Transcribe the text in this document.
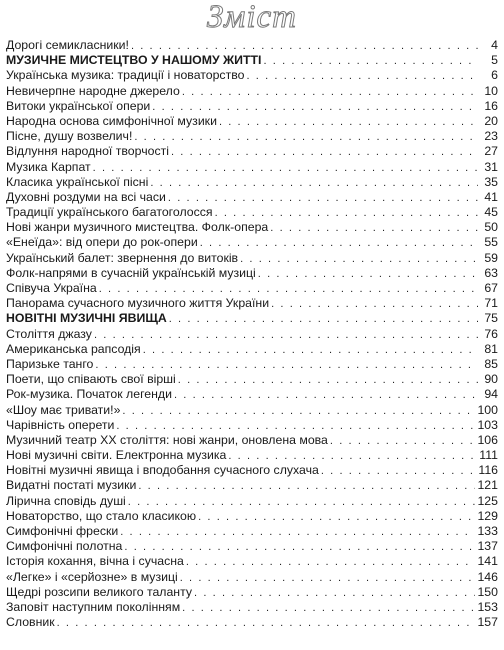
Зміст
Дорогі семикласники! . . .	4
МУЗИЧНЕ МИСТЕЦТВО У НАШОМУ ЖИТТІ . . .	5
Українська музика: традиції і новаторство . . .	6
Невичерпне народне джерело . . .	10
Витоки української опери . . .	16
Народна основа симфонічної музики . . .	20
Пісне, душу возвелич! . . .	23
Відлуння народної творчості . . .	27
Музика Карпат . . .	31
Класика української пісні . . .	35
Духовні роздуми на всі часи . . .	41
Традиції українського багатоголосся . . .	45
Нові жанри музичного мистецтва. Фолк-опера . . .	50
«Енеїда»: від опери до рок-опери . . .	55
Український балет: звернення до витоків . . .	59
Фолк-напрями в сучасній українській музиці . . .	63
Співуча Україна . . .	67
Панорама сучасного музичного життя України . . .	71
НОВІТНІ МУЗИЧНІ ЯВИЩА . . .	75
Століття джазу . . .	76
Американська рапсодія . . .	81
Паризьке танго . . .	85
Поети, що співають свої вірші . . .	90
Рок-музика. Початок легенди . . .	94
«Шоу має тривати!» . . .	100
Чарівність оперети . . .	103
Музичний театр XX століття: нові жанри, оновлена мова . . .	106
Нові музичні світи. Електронна музика . . .	111
Новітні музичні явища і вподобання сучасного слухача . . .	116
Видатні постаті музики . . .	121
Лірична сповідь душі . . .	125
Новаторство, що стало класикою . . .	129
Симфонічні фрески . . .	133
Симфонічні полотна . . .	137
Історія кохання, вічна і сучасна . . .	141
«Легке» і «серйозне» в музиці . . .	146
Щедрі розсипи великого таланту . . .	150
Заповіт наступним поколінням . . .	153
Словник . . .	157
